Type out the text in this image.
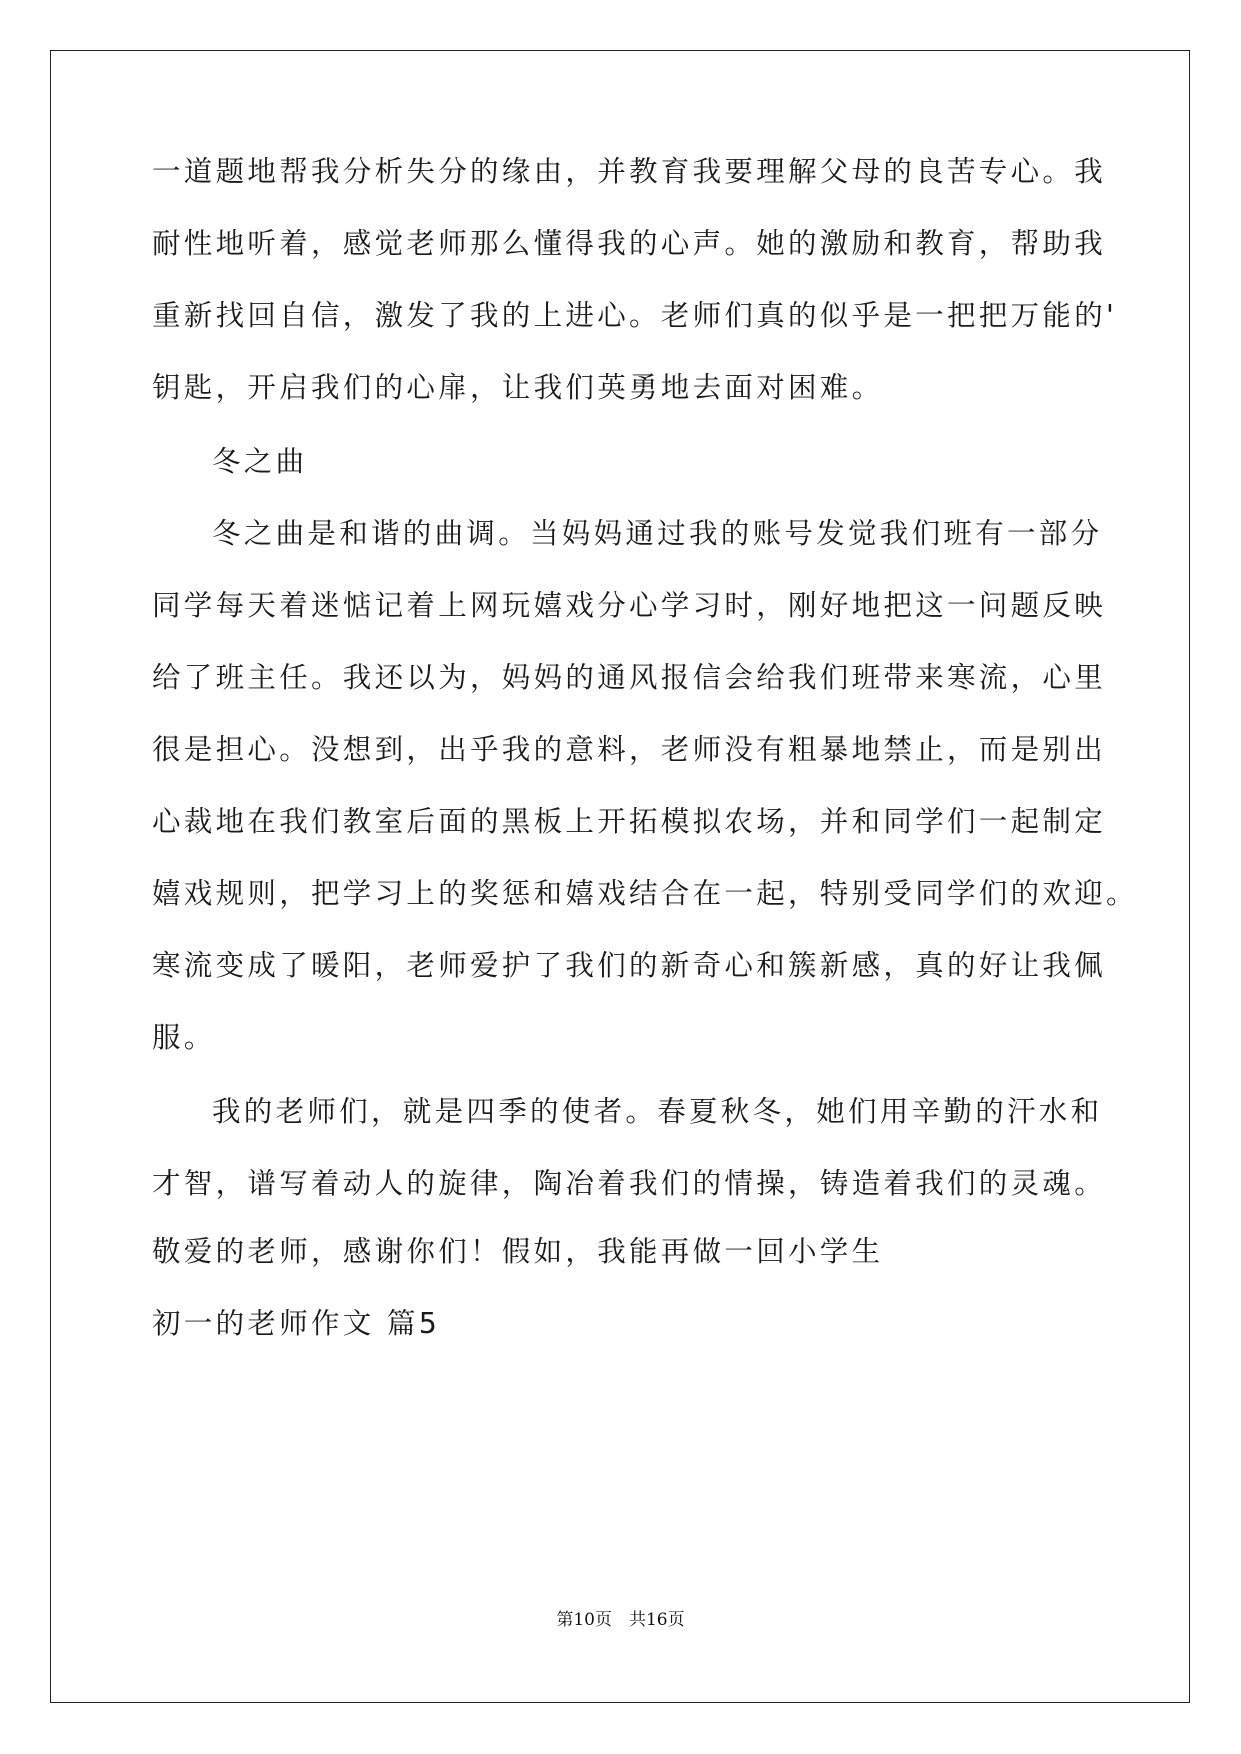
一道题地帮我分析失分的缘由，并教育我要理解父母的良苦专心。我

耐性地听着，感觉老师那么懂得我的心声。她的激励和教育，帮助我

重新找回自信，激发了我的上进心。老师们真的似乎是一把把万能的'

钥匙，开启我们的心扉，让我们英勇地去面对困难。

冬之曲

冬之曲是和谐的曲调。当妈妈通过我的账号发觉我们班有一部分

同学每天着迷惦记着上网玩嬉戏分心学习时，刚好地把这一问题反映

给了班主任。我还以为，妈妈的通风报信会给我们班带来寒流，心里

很是担心。没想到，出乎我的意料，老师没有粗暴地禁止，而是别出

心裁地在我们教室后面的黑板上开拓模拟农场，并和同学们一起制定

嬉戏规则，把学习上的奖惩和嬉戏结合在一起，特别受同学们的欢迎。

寒流变成了暖阳，老师爱护了我们的新奇心和簇新感，真的好让我佩

服。

我的老师们，就是四季的使者。春夏秋冬，她们用辛勤的汗水和

才智，谱写着动人的旋律，陶冶着我们的情操，铸造着我们的灵魂。

敬爱的老师，感谢你们！假如，我能再做一回小学生

初一的老师作文 篇5

第10页　共16页
